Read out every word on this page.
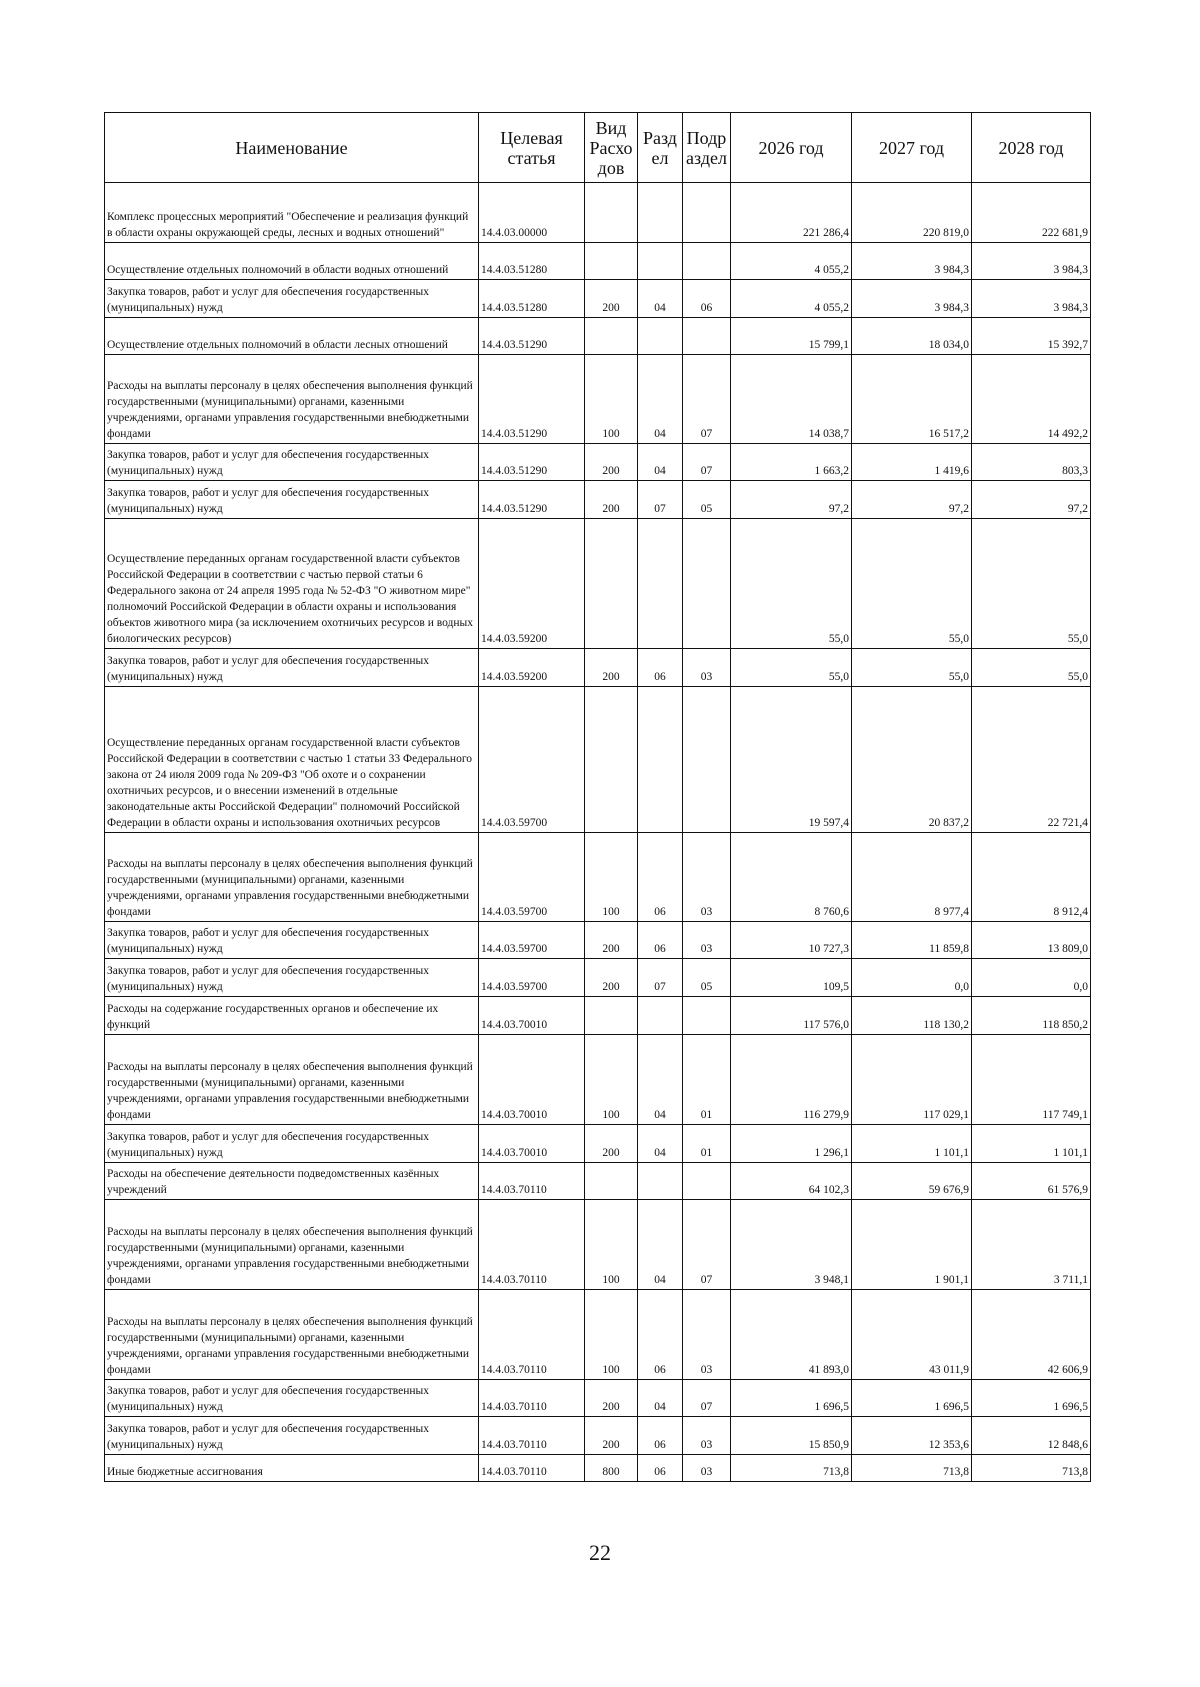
Наименование	Целевая статья	Вид Расхо дов	Разд ел	Подр аздел	2026 год	2027 год	2028 год
Комплекс процессных мероприятий "Обеспечение и реализация функций в области охраны окружающей среды, лесных и водных отношений"	14.4.03.00000				221 286,4	220 819,0	222 681,9
Осуществление отдельных полномочий в области водных отношений	14.4.03.51280				4 055,2	3 984,3	3 984,3
Закупка товаров, работ и услуг для обеспечения государственных (муниципальных) нужд	14.4.03.51280	200	04	06	4 055,2	3 984,3	3 984,3
Осуществление отдельных полномочий в области лесных отношений	14.4.03.51290				15 799,1	18 034,0	15 392,7
Расходы на выплаты персоналу в целях обеспечения выполнения функций государственными (муниципальными) органами, казенными учреждениями, органами управления государственными внебюджетными фондами	14.4.03.51290	100	04	07	14 038,7	16 517,2	14 492,2
Закупка товаров, работ и услуг для обеспечения государственных (муниципальных) нужд	14.4.03.51290	200	04	07	1 663,2	1 419,6	803,3
Закупка товаров, работ и услуг для обеспечения государственных (муниципальных) нужд	14.4.03.51290	200	07	05	97,2	97,2	97,2
Осуществление переданных органам государственной власти субъектов Российской Федерации в соответствии с частью первой статьи 6 Федерального закона от 24 апреля 1995 года № 52-ФЗ "О животном мире" полномочий Российской Федерации в области охраны и использования объектов животного мира (за исключением охотничьих ресурсов и водных биологических ресурсов)	14.4.03.59200				55,0	55,0	55,0
Закупка товаров, работ и услуг для обеспечения государственных (муниципальных) нужд	14.4.03.59200	200	06	03	55,0	55,0	55,0
Осуществление переданных органам государственной власти субъектов Российской Федерации в соответствии с частью 1 статьи 33 Федерального закона от 24 июля 2009 года № 209-ФЗ "Об охоте и о сохранении охотничьих ресурсов, и о внесении изменений в отдельные законодательные акты Российской Федерации" полномочий Российской Федерации в области охраны и использования охотничьих ресурсов	14.4.03.59700				19 597,4	20 837,2	22 721,4
Расходы на выплаты персоналу в целях обеспечения выполнения функций государственными (муниципальными) органами, казенными учреждениями, органами управления государственными внебюджетными фондами	14.4.03.59700	100	06	03	8 760,6	8 977,4	8 912,4
Закупка товаров, работ и услуг для обеспечения государственных (муниципальных) нужд	14.4.03.59700	200	06	03	10 727,3	11 859,8	13 809,0
Закупка товаров, работ и услуг для обеспечения государственных (муниципальных) нужд	14.4.03.59700	200	07	05	109,5	0,0	0,0
Расходы на содержание государственных органов и обеспечение их функций	14.4.03.70010				117 576,0	118 130,2	118 850,2
Расходы на выплаты персоналу в целях обеспечения выполнения функций государственными (муниципальными) органами, казенными учреждениями, органами управления государственными внебюджетными фондами	14.4.03.70010	100	04	01	116 279,9	117 029,1	117 749,1
Закупка товаров, работ и услуг для обеспечения государственных (муниципальных) нужд	14.4.03.70010	200	04	01	1 296,1	1 101,1	1 101,1
Расходы на обеспечение деятельности подведомственных казённых учреждений	14.4.03.70110				64 102,3	59 676,9	61 576,9
Расходы на выплаты персоналу в целях обеспечения выполнения функций государственными (муниципальными) органами, казенными учреждениями, органами управления государственными внебюджетными фондами	14.4.03.70110	100	04	07	3 948,1	1 901,1	3 711,1
Расходы на выплаты персоналу в целях обеспечения выполнения функций государственными (муниципальными) органами, казенными учреждениями, органами управления государственными внебюджетными фондами	14.4.03.70110	100	06	03	41 893,0	43 011,9	42 606,9
Закупка товаров, работ и услуг для обеспечения государственных (муниципальных) нужд	14.4.03.70110	200	04	07	1 696,5	1 696,5	1 696,5
Закупка товаров, работ и услуг для обеспечения государственных (муниципальных) нужд	14.4.03.70110	200	06	03	15 850,9	12 353,6	12 848,6
Иные бюджетные ассигнования	14.4.03.70110	800	06	03	713,8	713,8	713,8
22
